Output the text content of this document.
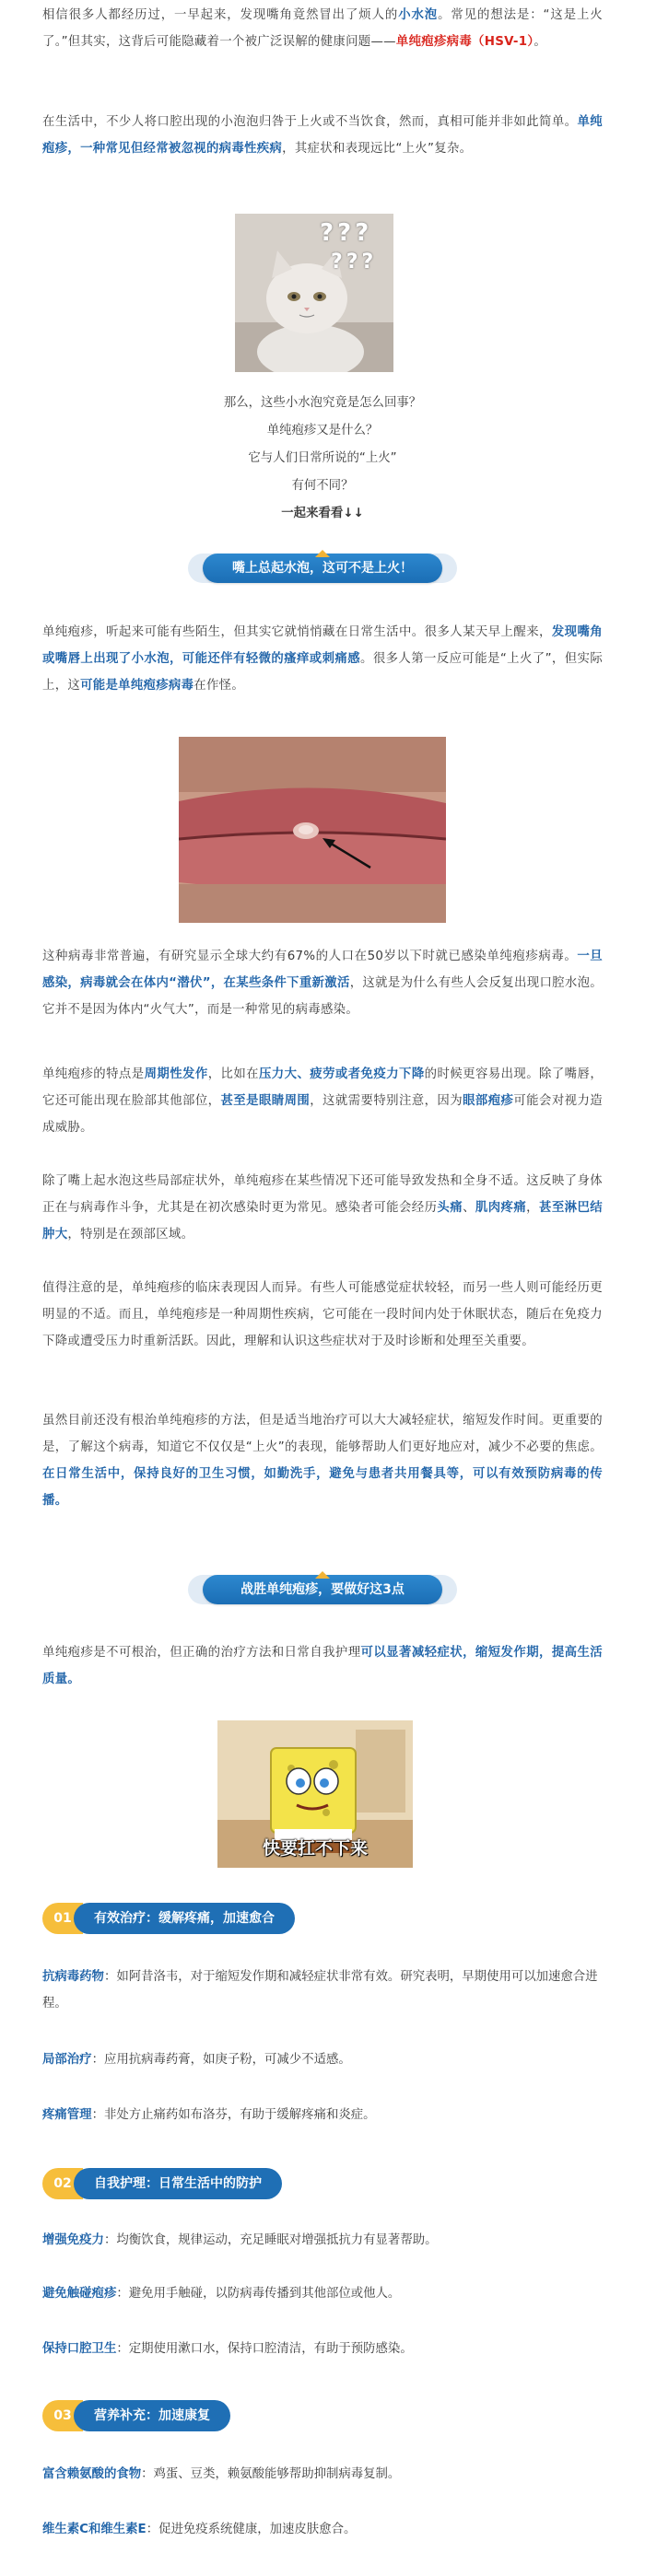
相信很多人都经历过，一早起来，发现嘴角竟然冒出了烦人的小水泡。常见的想法是：“这是上火了。”但其实，这背后可能隐藏着一个被广泛误解的健康问题——单纯疱疹病毒（HSV-1）。

在生活中，不少人将口腔出现的小泡泡归咎于上火或不当饮食，然而，真相可能并非如此简单。单纯疱疹，一种常见但经常被忽视的病毒性疾病，其症状和表现远比“上火”复杂。

???
???
那么，这些小水泡究竟是怎么回事？
单纯疱疹又是什么？
它与人们日常所说的“上火”
有何不同？
一起来看看↓↓
嘴上总起水泡，这可不是上火！

单纯疱疹，听起来可能有些陌生，但其实它就悄悄藏在日常生活中。很多人某天早上醒来，发现嘴角或嘴唇上出现了小水泡，可能还伴有轻微的瘙痒或刺痛感。很多人第一反应可能是“上火了”，但实际上，这可能是单纯疱疹病毒在作怪。

这种病毒非常普遍，有研究显示全球大约有67%的人口在50岁以下时就已感染单纯疱疹病毒。一旦感染，病毒就会在体内“潜伏”，在某些条件下重新激活，这就是为什么有些人会反复出现口腔水泡。它并不是因为体内“火气大”，而是一种常见的病毒感染。

单纯疱疹的特点是周期性发作，比如在压力大、疲劳或者免疫力下降的时候更容易出现。除了嘴唇，它还可能出现在脸部其他部位，甚至是眼睛周围，这就需要特别注意，因为眼部疱疹可能会对视力造成威胁。

除了嘴上起水泡这些局部症状外，单纯疱疹在某些情况下还可能导致发热和全身不适。这反映了身体正在与病毒作斗争，尤其是在初次感染时更为常见。感染者可能会经历头痛、肌肉疼痛，甚至淋巴结肿大，特别是在颈部区域。

值得注意的是，单纯疱疹的临床表现因人而异。有些人可能感觉症状较轻，而另一些人则可能经历更明显的不适。而且，单纯疱疹是一种周期性疾病，它可能在一段时间内处于休眠状态，随后在免疫力下降或遭受压力时重新活跃。因此，理解和认识这些症状对于及时诊断和处理至关重要。

虽然目前还没有根治单纯疱疹的方法，但是适当地治疗可以大大减轻症状，缩短发作时间。更重要的是，了解这个病毒，知道它不仅仅是“上火”的表现，能够帮助人们更好地应对，减少不必要的焦虑。在日常生活中，保持良好的卫生习惯，如勤洗手，避免与患者共用餐具等，可以有效预防病毒的传播。

战胜单纯疱疹，要做好这3点

单纯疱疹是不可根治，但正确的治疗方法和日常自我护理可以显著减轻症状，缩短发作期，提高生活质量。

快要扛不下来
01	有效治疗：缓解疼痛，加速愈合

抗病毒药物：如阿昔洛韦，对于缩短发作期和减轻症状非常有效。研究表明，早期使用可以加速愈合进程。

局部治疗：应用抗病毒药膏，如庚子粉，可减少不适感。

疼痛管理：非处方止痛药如布洛芬，有助于缓解疼痛和炎症。

02	自我护理：日常生活中的防护

增强免疫力：均衡饮食，规律运动，充足睡眠对增强抵抗力有显著帮助。

避免触碰疱疹：避免用手触碰，以防病毒传播到其他部位或他人。

保持口腔卫生：定期使用漱口水，保持口腔清洁，有助于预防感染。

03	营养补充：加速康复

富含赖氨酸的食物：鸡蛋、豆类，赖氨酸能够帮助抑制病毒复制。

维生素C和维生素E：促进免疫系统健康，加速皮肤愈合。
